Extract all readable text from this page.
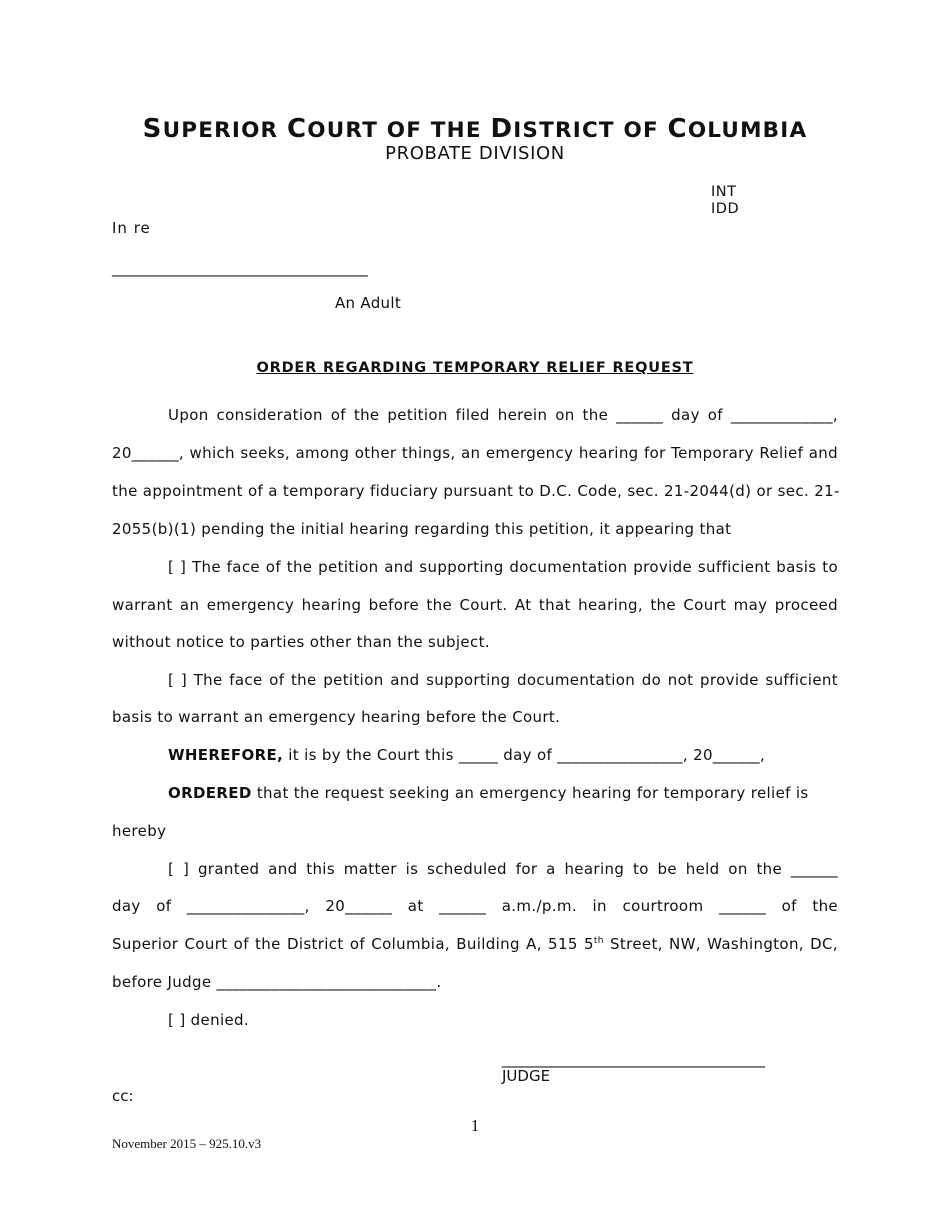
SUPERIOR COURT OF THE DISTRICT OF COLUMBIA
PROBATE DIVISION
INT
IDD
In re
___________________________________
An Adult
ORDER REGARDING TEMPORARY RELIEF REQUEST
Upon consideration of the petition filed herein on the ______ day of _____________,
20______, which seeks, among other things, an emergency hearing for Temporary Relief and
the appointment of a temporary fiduciary pursuant to D.C. Code, sec. 21-2044(d) or sec. 21-
2055(b)(1) pending the initial hearing regarding this petition, it appearing that
[ ] The face of the petition and supporting documentation provide sufficient basis to
warrant an emergency hearing before the Court. At that hearing, the Court may proceed
without notice to parties other than the subject.
[ ] The face of the petition and supporting documentation do not provide sufficient
basis to warrant an emergency hearing before the Court.
WHEREFORE, it is by the Court this _____ day of ________________, 20______,
ORDERED that the request seeking an emergency hearing for temporary relief is
hereby
[ ] granted and this matter is scheduled for a hearing to be held on the ______
day of _______________, 20______ at ______ a.m./p.m. in courtroom ______ of the
Superior Court of the District of Columbia, Building A, 515 5th Street, NW, Washington, DC,
before Judge ____________________________.
[ ] denied.
____________________________________
JUDGE
cc:
1
November 2015 – 925.10.v3
